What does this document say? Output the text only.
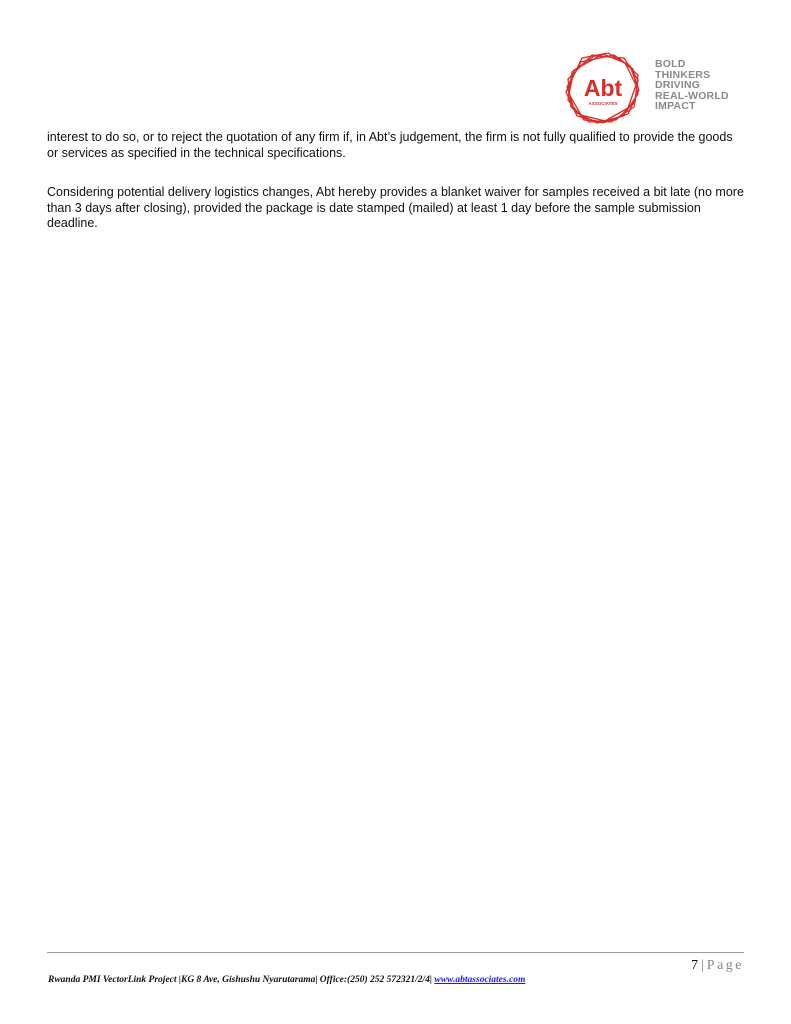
Abt
ASSOCIATES
BOLD
THINKERS
DRIVING
REAL-WORLD
IMPACT

interest to do so, or to reject the quotation of any firm if, in Abt’s judgement, the firm is not fully qualified to provide the goods or services as specified in the technical specifications.

Considering potential delivery logistics changes, Abt hereby provides a blanket waiver for samples received a bit late (no more than 3 days after closing), provided the package is date stamped (mailed) at least 1 day before the sample submission deadline.

7 | Page
Rwanda PMI VectorLink Project |KG 8 Ave, Gishushu Nyarutarama| Office:(250) 252 572321/2/4| www.abtassociates.com
